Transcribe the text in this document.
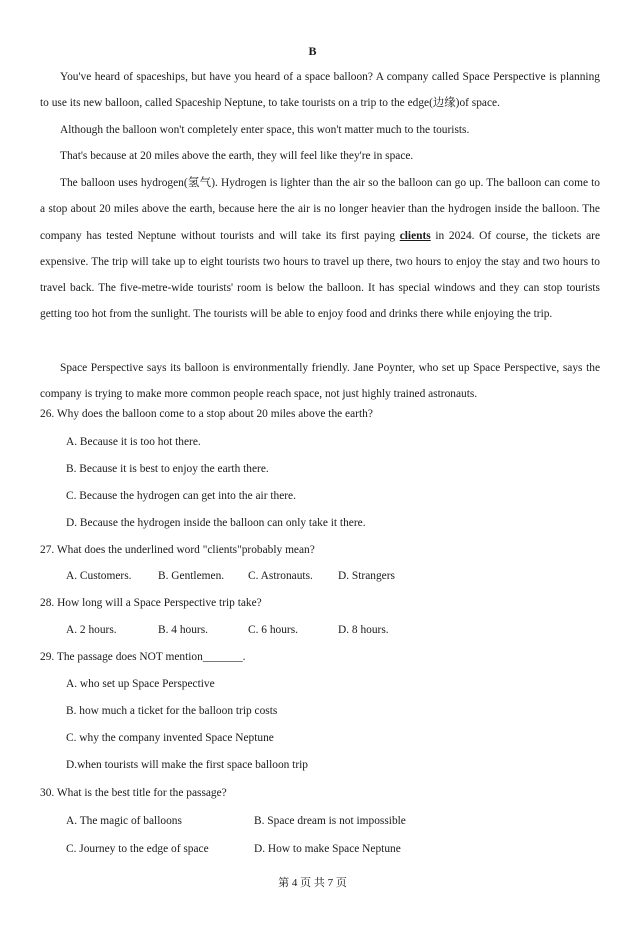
B
You've heard of spaceships, but have you heard of a space balloon? A company called Space Perspective is planning to use its new balloon, called Spaceship Neptune, to take tourists on a trip to the edge(边缘)of space.
Although the balloon won't completely enter space, this won't matter much to the tourists.
That's because at 20 miles above the earth, they will feel like they're in space.
The balloon uses hydrogen(氢气). Hydrogen is lighter than the air so the balloon can go up. The balloon can come to a stop about 20 miles above the earth, because here the air is no longer heavier than the hydrogen inside the balloon. The company has tested Neptune without tourists and will take its first paying clients in 2024. Of course, the tickets are expensive. The trip will take up to eight tourists two hours to travel up there, two hours to enjoy the stay and two hours to travel back. The five-metre-wide tourists' room is below the balloon. It has special windows and they can stop tourists getting too hot from the sunlight. The tourists will be able to enjoy food and drinks there while enjoying the trip.
Space Perspective says its balloon is environmentally friendly. Jane Poynter, who set up Space Perspective, says the company is trying to make more common people reach space, not just highly trained astronauts.
26. Why does the balloon come to a stop about 20 miles above the earth?
A. Because it is too hot there.
B. Because it is best to enjoy the earth there.
C. Because the hydrogen can get into the air there.
D. Because the hydrogen inside the balloon can only take it there.
27. What does the underlined word "clients"probably mean?
A. Customers. B. Gentlemen. C. Astronauts. D. Strangers
28. How long will a Space Perspective trip take?
A. 2 hours.	B. 4 hours.	C. 6 hours.	D. 8 hours.
29. The passage does NOT mention_______.
A. who set up Space Perspective
B. how much a ticket for the balloon trip costs
C. why the company invented Space Neptune
D.when tourists will make the first space balloon trip
30. What is the best title for the passage?
A. The magic of balloons	B. Space dream is not impossible
C. Journey to the edge of space	D. How to make Space Neptune
第 4 页 共 7 页
